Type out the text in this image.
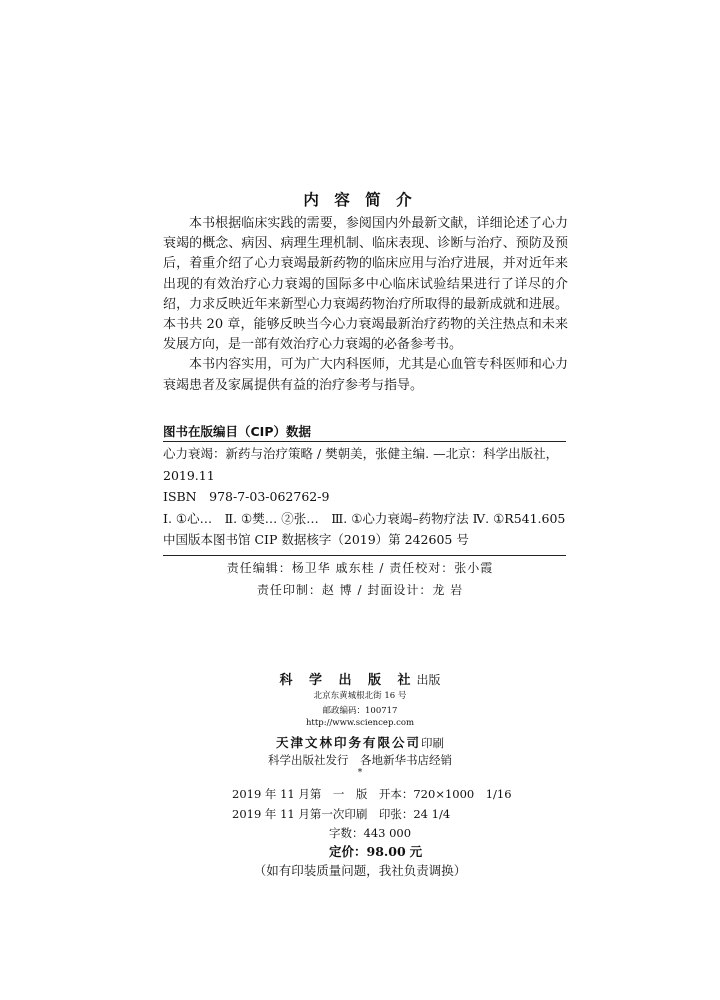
内 容 简 介

本书根据临床实践的需要，参阅国内外最新文献，详细论述了心力衰竭的概念、病因、病理生理机制、临床表现、诊断与治疗、预防及预后，着重介绍了心力衰竭最新药物的临床应用与治疗进展，并对近年来出现的有效治疗心力衰竭的国际多中心临床试验结果进行了详尽的介绍，力求反映近年来新型心力衰竭药物治疗所取得的最新成就和进展。本书共 20 章，能够反映当今心力衰竭最新治疗药物的关注热点和未来发展方向，是一部有效治疗心力衰竭的必备参考书。

本书内容实用，可为广大内科医师，尤其是心血管专科医师和心力衰竭患者及家属提供有益的治疗参考与指导。

图书在版编目（CIP）数据
心力衰竭：新药与治疗策略 / 樊朝美，张健主编. —北京：科学出版社，
2019.11
ISBN　978-7-03-062762-9
Ⅰ. ①心…　Ⅱ. ①樊… ②张…　Ⅲ. ①心力衰竭–药物疗法 Ⅳ. ①R541.605
中国版本图书馆 CIP 数据核字（2019）第 242605 号
责任编辑：杨卫华 戚东桂 / 责任校对：张小霞
责任印制：赵 博 / 封面设计：龙 岩
科 学 出 版 社出版
北京东黄城根北街 16 号
邮政编码：100717
http://www.sciencep.com
天津文林印务有限公司印刷
科学出版社发行　各地新华书店经销
*
2019 年 11 月第　一　版　开本：720×1000　1/16
2019 年 11 月第一次印刷　印张：24 1/4
字数：443 000
定价：98.00 元
（如有印装质量问题，我社负责调换）
